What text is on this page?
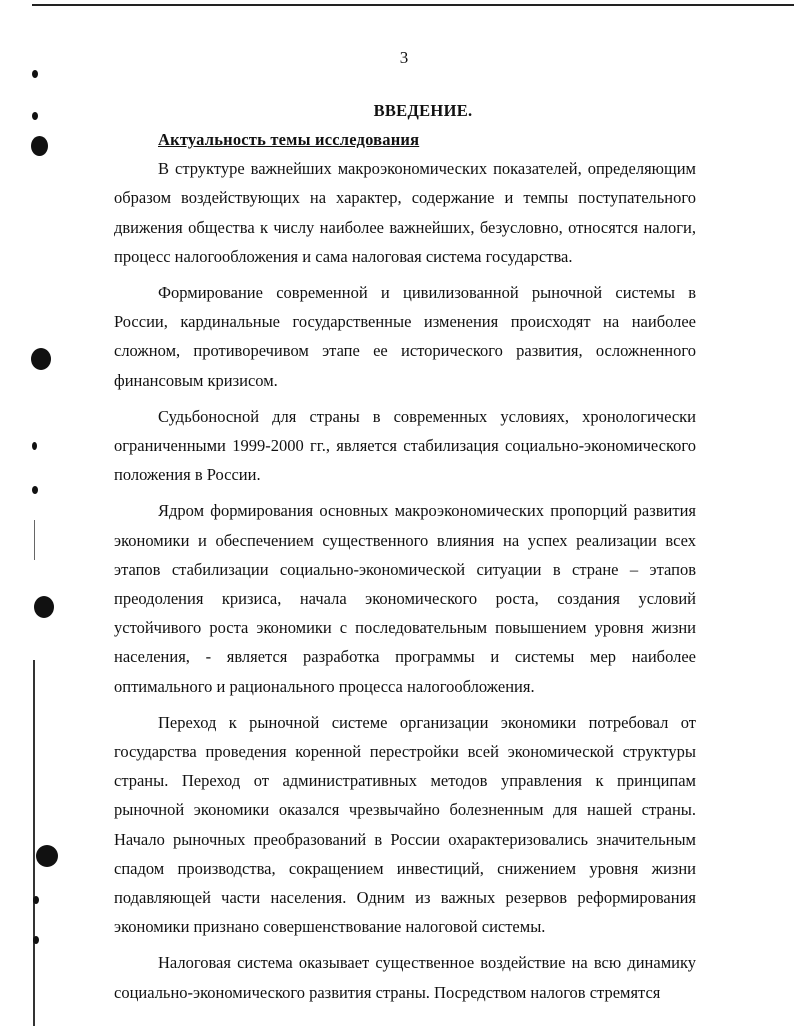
3

ВВЕДЕНИЕ.

Актуальность темы исследования

В структуре важнейших макроэкономических показателей, определяющим образом воздействующих на характер, содержание и темпы поступательного движения общества к числу наиболее важнейших, безусловно, относятся налоги, процесс налогообложения и сама налоговая система государства.

Формирование современной и цивилизованной рыночной системы в России, кардинальные государственные изменения происходят на наиболее сложном, противоречивом этапе ее исторического развития, осложненного финансовым кризисом.

Судьбоносной для страны в современных условиях, хронологически ограниченными 1999-2000 гг., является стабилизация социально-экономического положения в России.

Ядром формирования основных макроэкономических пропорций развития экономики и обеспечением существенного влияния на успех реализации всех этапов стабилизации социально-экономической ситуации в стране – этапов преодоления кризиса, начала экономического роста, создания условий устойчивого роста экономики с последовательным повышением уровня жизни населения, - является разработка программы и системы мер наиболее оптимального и рационального процесса налогообложения.

Переход к рыночной системе организации экономики потребовал от государства проведения коренной перестройки всей экономической структуры страны. Переход от административных методов управления к принципам рыночной экономики оказался чрезвычайно болезненным для нашей страны. Начало рыночных преобразований в России охарактеризовались значительным спадом производства, сокращением инвестиций, снижением уровня жизни подавляющей части населения. Одним из важных резервов реформирования экономики признано совершенствование налоговой системы.

Налоговая система оказывает существенное воздействие на всю динамику социально-экономического развития страны. Посредством налогов стремятся
